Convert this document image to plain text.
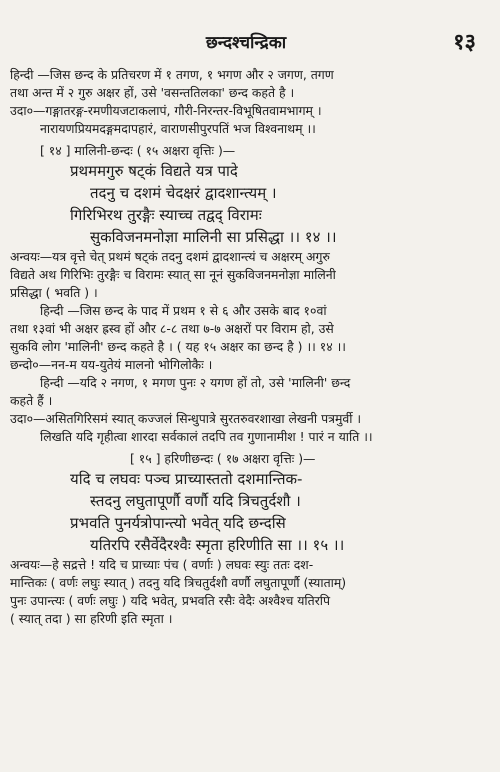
छन्दश्चन्द्रिका	१३
हिन्दी —जिस छन्द के प्रतिचरण में १ तगण, १ भगण और २ जगण, तगण
तथा अन्त में २ गुरु अक्षर हों, उसे 'वसन्ततिलका' छन्द कहते है ।
उदा०—गङ्गातरङ्ग-रमणीयजटाकलापं, गौरी-निरन्तर-विभूषितवामभागम् ।
नारायणप्रियमदङ्गमदापहारं, वाराणसीपुरपतिं भज विश्वनाथम् ।।
[ १४ ] मालिनी-छन्दः ( १५ अक्षरा वृत्तिः )—
प्रथममगुरु षट्कं विद्यते यत्र पादे
तदनु च दशमं चेदक्षरं द्वादशान्त्यम् ।
गिरिभिरथ तुरङ्गैः स्याच्च तद्वद् विरामः
सुकविजनमनोज्ञा मालिनी सा प्रसिद्धा ।। १४ ।।
अन्वयः—यत्र वृत्ते चेत् प्रथमं षट्कं तदनु दशमं द्वादशान्त्यं च अक्षरम् अगुरु
विद्यते अथ गिरिभिः तुरङ्गैः च विरामः स्यात् सा नूनं सुकविजनमनोज्ञा मालिनी
प्रसिद्धा ( भवति ) ।
हिन्दी —जिस छन्द के पाद में प्रथम १ से ६ और उसके बाद १०वां
तथा १३वां भी अक्षर ह्रस्व हों और ८-८ तथा ७-७ अक्षरों पर विराम हो, उसे
सुकवि लोग 'मालिनी' छन्द कहते है । ( यह १५ अक्षर का छन्द है ) ।। १४ ।।
छन्दो०—नन-म यय-युतेयं मालनो भोगिलोकैः ।
हिन्दी —यदि २ नगण, १ मगण पुनः २ यगण हों तो, उसे 'मालिनी' छन्द
कहते हैं ।
उदा०—असितगिरिसमं स्यात् कज्जलं सिन्धुपात्रे सुरतरुवरशाखा लेखनी पत्रमुर्वी ।
लिखति यदि गृहीत्वा शारदा सर्वकालं तदपि तव गुणानामीश ! पारं न याति ।।
[ १५ ] हरिणीछन्दः ( १७ अक्षरा वृत्तिः )—
यदि च लघवः पञ्च प्राच्यास्ततो दशमान्तिक-
स्तदनु लघुतापूर्णौ वर्णौ यदि त्रिचतुर्दशौ ।
प्रभवति पुनर्यत्रोपान्त्यो भवेत् यदि छन्दसि
यतिरपि रसैर्वेदैरश्वैः स्मृता हरिणीति सा ।। १५ ।।
अन्वयः—हे सद्रत्ते ! यदि च प्राच्याः पंच ( वर्णाः ) लघवः स्युः ततः दश-
मान्तिकः ( वर्णः लघुः स्यात् ) तदनु यदि त्रिचतुर्दशौ वर्णौ लघुतापूर्णौ (स्याताम्)
पुनः उपान्त्यः ( वर्णः लघुः ) यदि भवेत्, प्रभवति रसैः वेदैः अश्वैश्च यतिरपि
( स्यात् तदा ) सा हरिणी इति स्मृता ।
